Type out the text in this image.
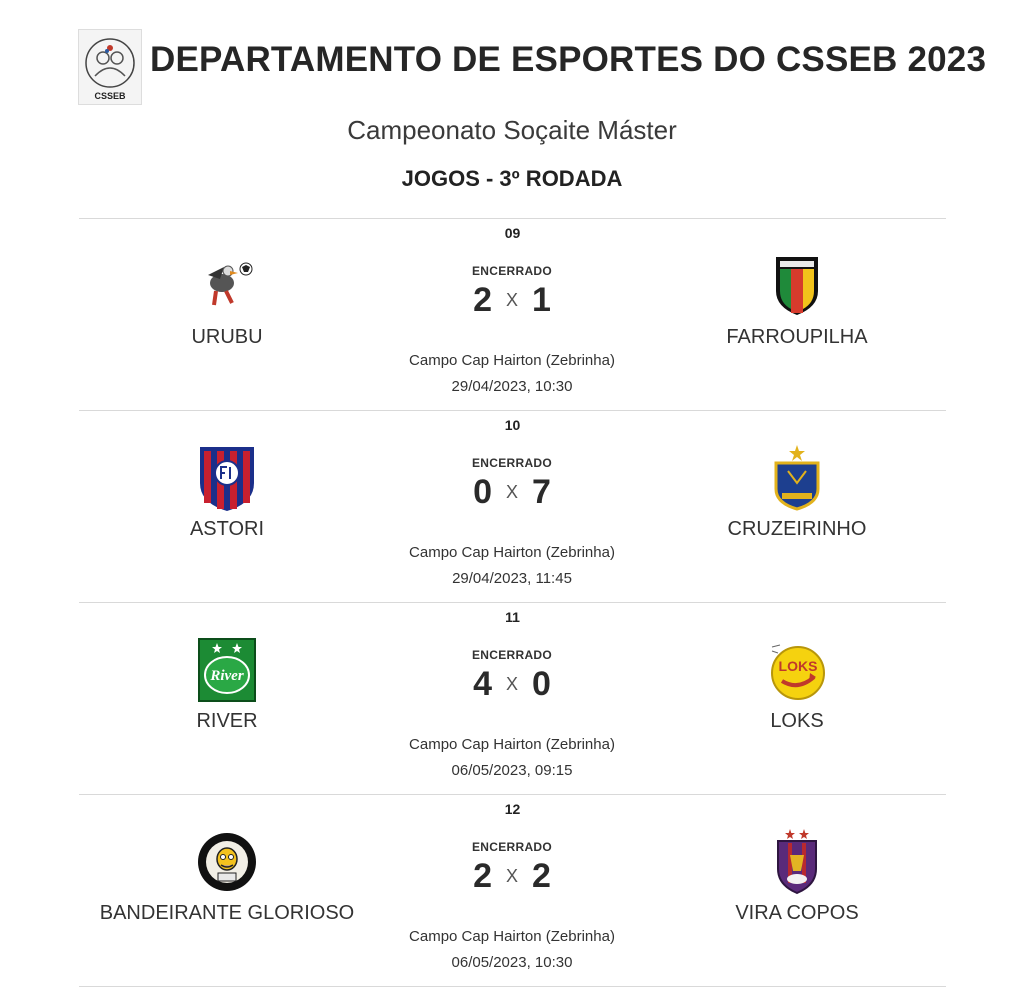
CSSEB
DEPARTAMENTO DE ESPORTES DO CSSEB 2023
Campeonato Soçaite Máster
JOGOS - 3º RODADA
09
URUBU
ENCERRADO
2 X 1
FARROUPILHA
Campo Cap Hairton (Zebrinha)
29/04/2023, 10:30
10
ASTORI
ENCERRADO
0 X 7
CRUZEIRINHO
Campo Cap Hairton (Zebrinha)
29/04/2023, 11:45
11
River
RIVER
ENCERRADO
4 X 0	LOKS
LOKS
Campo Cap Hairton (Zebrinha)
06/05/2023, 09:15
12
BANDEIRANTE GLORIOSO
ENCERRADO
2 X 2
VIRA COPOS
Campo Cap Hairton (Zebrinha)
06/05/2023, 10:30
